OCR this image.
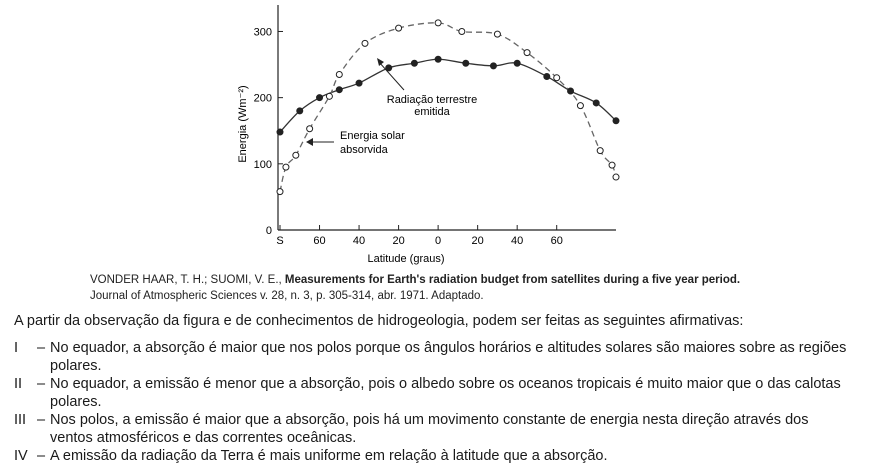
0
100
200
300
S	60 40 20	0	20 40 60
Radiação terrestre
emitida
Energia solar
absorvida
Latitude (graus)
Energia (Wm⁻²)
VONDER HAAR, T. H.; SUOMI, V. E., Measurements for Earth's radiation budget from satellites during a five year period.
Journal of Atmospheric Sciences v. 28, n. 3, p. 305-314, abr. 1971. Adaptado.
A partir da observação da figura e de conhecimentos de hidrogeologia, podem ser feitas as seguintes afirmativas:
I	– No equador, a absorção é maior que nos polos porque os ângulos horários e altitudes solares são maiores sobre as regiões polares.
II	– No equador, a emissão é menor que a absorção, pois o albedo sobre os oceanos tropicais é muito maior que o das calotas polares.
III – Nos polos, a emissão é maior que a absorção, pois há um movimento constante de energia nesta direção através dos ventos atmosféricos e das correntes oceânicas.
IV – A emissão da radiação da Terra é mais uniforme em relação à latitude que a absorção.
